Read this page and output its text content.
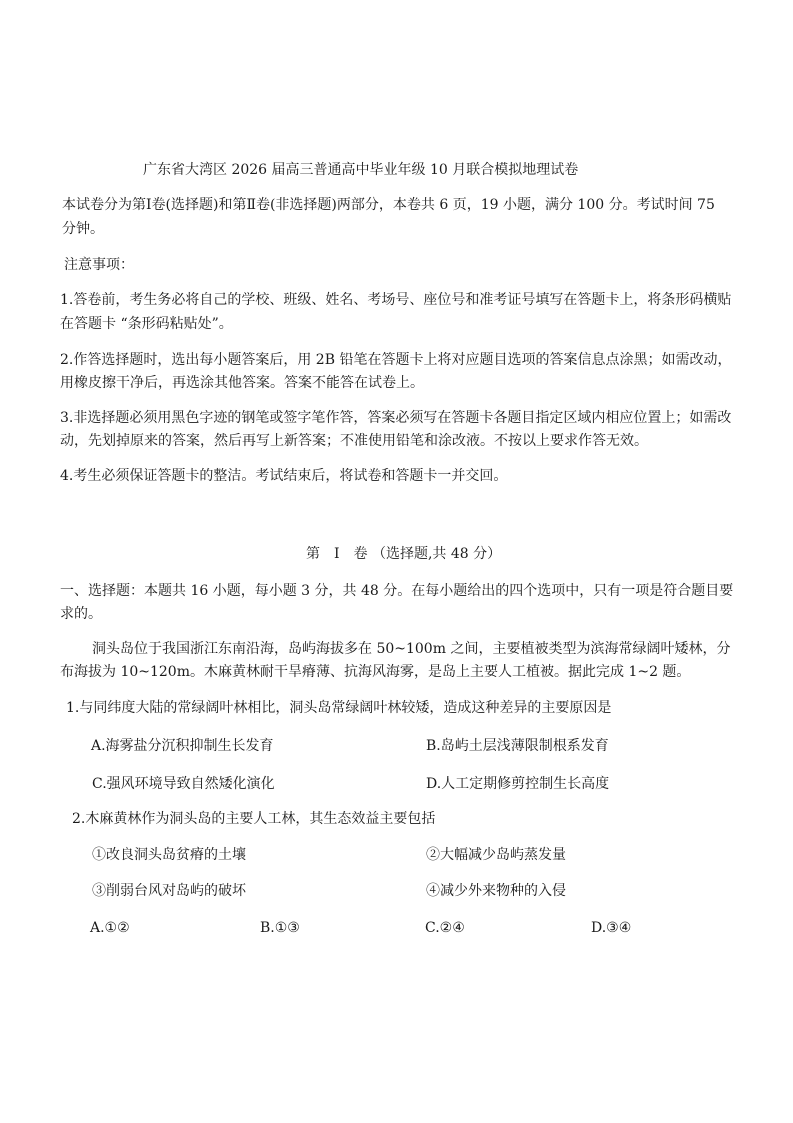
广东省大湾区 2026 届高三普通高中毕业年级 10 月联合模拟地理试卷
本试卷分为第Ⅰ卷(选择题)和第Ⅱ卷(非选择题)两部分，本卷共 6 页，19 小题，满分 100 分。考试时间 75
分钟。
注意事项：
1.答卷前，考生务必将自己的学校、班级、姓名、考场号、座位号和准考证号填写在答题卡上，将条形码横贴
在答题卡 “条形码粘贴处”。
2.作答选择题时，选出每小题答案后，用 2B 铅笔在答题卡上将对应题目选项的答案信息点涂黑；如需改动，
用橡皮擦干净后，再选涂其他答案。答案不能答在试卷上。
3.非选择题必须用黑色字迹的钢笔或签字笔作答，答案必须写在答题卡各题目指定区域内相应位置上；如需改
动，先划掉原来的答案，然后再写上新答案；不准使用铅笔和涂改液。不按以上要求作答无效。
4.考生必须保证答题卡的整洁。考试结束后，将试卷和答题卡一并交回。
第　Ⅰ　卷 （选择题,共 48 分）
一、选择题：本题共 16 小题，每小题 3 分，共 48 分。在每小题给出的四个选项中，只有一项是符合题目要
求的。
洞头岛位于我国浙江东南沿海，岛屿海拔多在 50~100m 之间，主要植被类型为滨海常绿阔叶矮林，分
布海拔为 10~120m。木麻黄林耐干旱瘠薄、抗海风海雾，是岛上主要人工植被。据此完成 1~2 题。
1.与同纬度大陆的常绿阔叶林相比，洞头岛常绿阔叶林较矮，造成这种差异的主要原因是
A.海雾盐分沉积抑制生长发育	B.岛屿土层浅薄限制根系发育
C.强风环境导致自然矮化演化	D.人工定期修剪控制生长高度
2.木麻黄林作为洞头岛的主要人工林，其生态效益主要包括
①改良洞头岛贫瘠的土壤	②大幅减少岛屿蒸发量
③削弱台风对岛屿的破坏	④减少外来物种的入侵
A.①②	B.①③	C.②④	D.③④
